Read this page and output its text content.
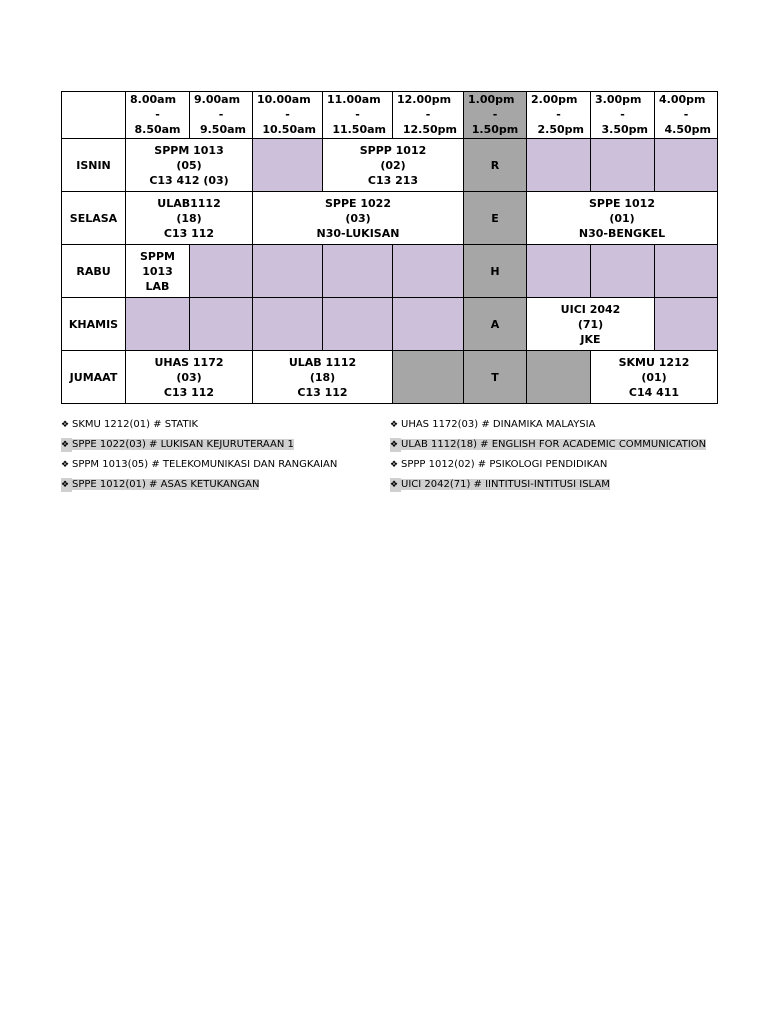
	8.00am
-
8.50am	9.00am
-
9.50am	10.00am
-
10.50am	11.00am
-
11.50am	12.00pm
-
12.50pm	1.00pm
-
1.50pm	2.00pm
-
2.50pm	3.00pm
-
3.50pm	4.00pm
-
4.50pm

ISNIN	SPPM 1013
(05)
C13 412 (03)			SPPP 1012
(02)
C13 213		R			
SELASA	ULAB1112
(18)
C13 112		SPPE 1022
(03)
N30-LUKISAN			E	SPPE 1012
(01)
N30-BENGKEL		

RABU	SPPM
1013
LAB					H			
KHAMIS						A	UICI 2042
(71)
JKE		

JUMAAT	UHAS 1172
(03)
C13 112		ULAB 1112
(18)
C13 112			T		SKMU 1212
(01)
C14 411	
❖ SKMU 1212(01) # STATIK
❖ SPPE 1022(03) # LUKISAN KEJURUTERAAN 1
❖ SPPM 1013(05) # TELEKOMUNIKASI DAN RANGKAIAN
❖ SPPE 1012(01) # ASAS KETUKANGAN
❖ UHAS 1172(03) # DINAMIKA MALAYSIA
❖ ULAB 1112(18) # ENGLISH FOR ACADEMIC COMMUNICATION
❖ SPPP 1012(02) # PSIKOLOGI PENDIDIKAN
❖ UICI 2042(71) # IINTITUSI-INTITUSI ISLAM
